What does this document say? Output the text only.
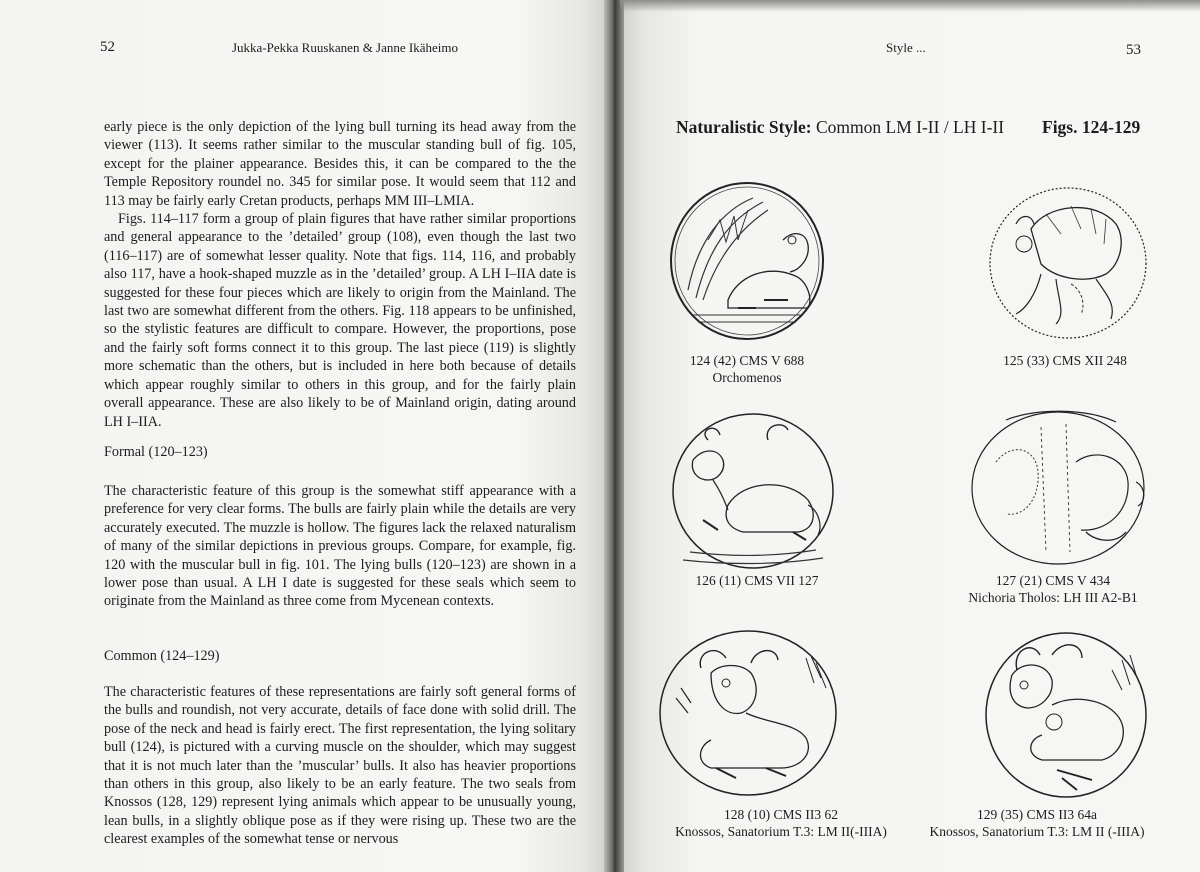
52	Jukka-Pekka Ruuskanen & Janne Ikäheimo

early piece is the only depiction of the lying bull turning its head away from the viewer (113). It seems rather similar to the muscular standing bull of fig. 105, except for the plainer appearance. Besides this, it can be compared to the the Temple Repository roundel no. 345 for similar pose. It would seem that 112 and 113 may be fairly early Cretan products, perhaps MM III–LMIA.

Figs. 114–117 form a group of plain figures that have rather similar proportions and general appearance to the ’detailed’ group (108), even though the last two (116–117) are of somewhat lesser quality. Note that figs. 114, 116, and probably also 117, have a hook-shaped muzzle as in the ’detailed’ group. A LH I–IIA date is suggested for these four pieces which are likely to origin from the Mainland. The last two are somewhat different from the others. Fig. 118 appears to be unfinished, so the stylistic features are difficult to compare. However, the proportions, pose and the fairly soft forms connect it to this group. The last piece (119) is slightly more schematic than the others, but is included in here both because of details which appear roughly similar to others in this group, and for the fairly plain overall appearance. These are also likely to be of Mainland origin, dating around LH I–IIA.

Formal (120–123)

The characteristic feature of this group is the somewhat stiff appearance with a preference for very clear forms. The bulls are fairly plain while the details are very accurately executed. The muzzle is hollow. The figures lack the relaxed naturalism of many of the similar depictions in previous groups. Compare, for example, fig. 120 with the muscular bull in fig. 101. The lying bulls (120–123) are shown in a lower pose than usual. A LH I date is suggested for these seals which seem to originate from the Mainland as three come from Mycenean contexts.

Common (124–129)

The characteristic features of these representations are fairly soft general forms of the bulls and roundish, not very accurate, details of face done with solid drill. The pose of the neck and head is fairly erect. The first representation, the lying solitary bull (124), is pictured with a curving muscle on the shoulder, which may suggest that it is not much later than the ’muscular’ bulls. It also has heavier proportions than others in this group, also likely to be an early feature. The two seals from Knossos (128, 129) represent lying animals which appear to be unusually young, lean bulls, in a slightly oblique pose as if they were rising up. These two are the clearest examples of the somewhat tense or nervous

Style ...	53
Naturalistic Style: Common LM I-II / LH I-II Figs. 124-129
124 (42) CMS V 688
Orchomenos
125 (33) CMS XII 248
126 (11) CMS VII 127	127 (21) CMS V 434
Nichoria Tholos: LH III A2-B1
128 (10) CMS II3 62
Knossos, Sanatorium T.3: LM II(-IIIA)
129 (35) CMS II3 64a
Knossos, Sanatorium T.3: LM II (-IIIA)
